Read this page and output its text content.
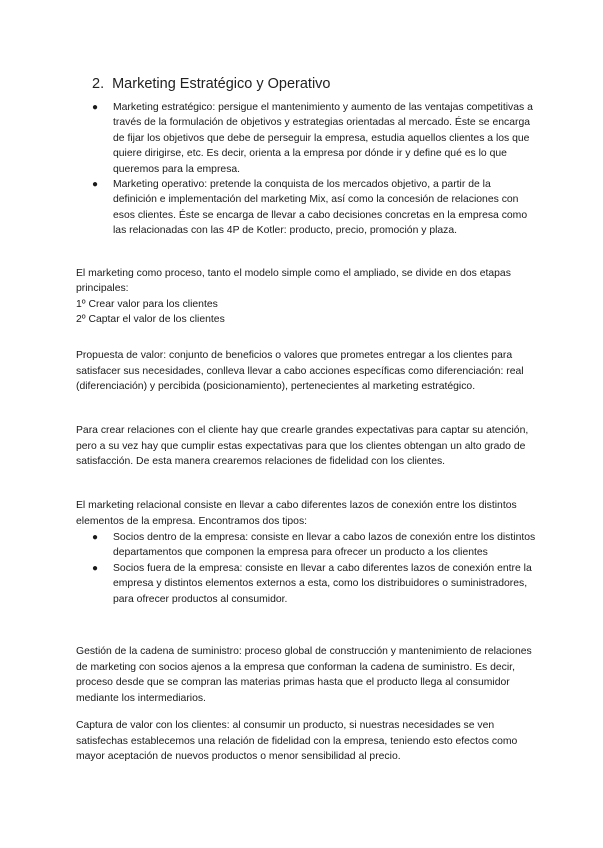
2. Marketing Estratégico y Operativo
● Marketing estratégico: persigue el mantenimiento y aumento de las ventajas competitivas a través de la formulación de objetivos y estrategias orientadas al mercado. Éste se encarga de fijar los objetivos que debe de perseguir la empresa, estudia aquellos clientes a los que quiere dirigirse, etc. Es decir, orienta a la empresa por dónde ir y define qué es lo que queremos para la empresa.
● Marketing operativo: pretende la conquista de los mercados objetivo, a partir de la definición e implementación del marketing Mix, así como la concesión de relaciones con esos clientes. Éste se encarga de llevar a cabo decisiones concretas en la empresa como las relacionadas con las 4P de Kotler: producto, precio, promoción y plaza.

El marketing como proceso, tanto el modelo simple como el ampliado, se divide en dos etapas principales:

1º Crear valor para los clientes

2º Captar el valor de los clientes

Propuesta de valor: conjunto de beneficios o valores que prometes entregar a los clientes para satisfacer sus necesidades, conlleva llevar a cabo acciones específicas como diferenciación: real (diferenciación) y percibida (posicionamiento), pertenecientes al marketing estratégico.

Para crear relaciones con el cliente hay que crearle grandes expectativas para captar su atención, pero a su vez hay que cumplir estas expectativas para que los clientes obtengan un alto grado de satisfacción. De esta manera crearemos relaciones de fidelidad con los clientes.

El marketing relacional consiste en llevar a cabo diferentes lazos de conexión entre los distintos elementos de la empresa. Encontramos dos tipos:

● Socios dentro de la empresa: consiste en llevar a cabo lazos de conexión entre los distintos departamentos que componen la empresa para ofrecer un producto a los clientes
● Socios fuera de la empresa: consiste en llevar a cabo diferentes lazos de conexión entre la empresa y distintos elementos externos a esta, como los distribuidores o suministradores, para ofrecer productos al consumidor.

Gestión de la cadena de suministro: proceso global de construcción y mantenimiento de relaciones de marketing con socios ajenos a la empresa que conforman la cadena de suministro. Es decir, proceso desde que se compran las materias primas hasta que el producto llega al consumidor mediante los intermediarios.

Captura de valor con los clientes: al consumir un producto, si nuestras necesidades se ven satisfechas establecemos una relación de fidelidad con la empresa, teniendo esto efectos como mayor aceptación de nuevos productos o menor sensibilidad al precio.
